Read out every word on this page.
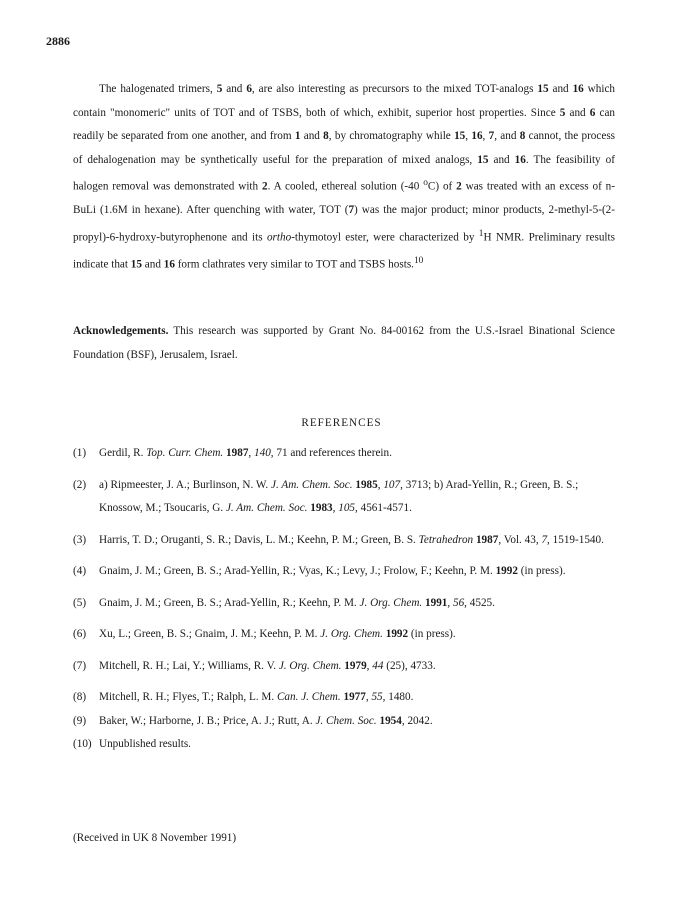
2886

The halogenated trimers, 5 and 6, are also interesting as precursors to the mixed TOT-analogs 15 and 16 which contain "monomeric" units of TOT and of TSBS, both of which, exhibit, superior host properties. Since 5 and 6 can readily be separated from one another, and from 1 and 8, by chromatography while 15, 16, 7, and 8 cannot, the process of dehalogenation may be synthetically useful for the preparation of mixed analogs, 15 and 16. The feasibility of halogen removal was demonstrated with 2. A cooled, ethereal solution (-40 $^o$C) of 2 was treated with an excess of n-BuLi (1.6M in hexane). After quenching with water, TOT (7) was the major product; minor products, 2-methyl-5-(2-propyl)-6-hydroxy-butyrophenone and its ortho-thymotoyl ester, were characterized by $^1$H NMR. Preliminary results indicate that 15 and 16 form clathrates very similar to TOT and TSBS hosts.$^{10}$

Acknowledgements. This research was supported by Grant No. 84-00162 from the U.S.-Israel Binational Science Foundation (BSF), Jerusalem, Israel.
REFERENCES
(1)	Gerdil, R. Top. Curr. Chem. 1987, 140, 71 and references therein.
(2)	a) Ripmeester, J. A.; Burlinson, N. W. J. Am. Chem. Soc. 1985, 107, 3713; b) Arad-Yellin, R.; Green, B. S.; Knossow, M.; Tsoucaris, G. J. Am. Chem. Soc. 1983, 105, 4561-4571.
(3)	Harris, T. D.; Oruganti, S. R.; Davis, L. M.; Keehn, P. M.; Green, B. S. Tetrahedron 1987, Vol. 43, 7, 1519-1540.
(4)	Gnaim, J. M.; Green, B. S.; Arad-Yellin, R.; Vyas, K.; Levy, J.; Frolow, F.; Keehn, P. M. 1992 (in press).
(5)	Gnaim, J. M.; Green, B. S.; Arad-Yellin, R.; Keehn, P. M. J. Org. Chem. 1991, 56, 4525.
(6)	Xu, L.; Green, B. S.; Gnaim, J. M.; Keehn, P. M. J. Org. Chem. 1992 (in press).
(7)	Mitchell, R. H.; Lai, Y.; Williams, R. V. J. Org. Chem. 1979, 44 (25), 4733.
(8)	Mitchell, R. H.; Flyes, T.; Ralph, L. M. Can. J. Chem. 1977, 55, 1480.
(9)	Baker, W.; Harborne, J. B.; Price, A. J.; Rutt, A. J. Chem. Soc. 1954, 2042.
(10) Unpublished results.
(Received in UK 8 November 1991)
